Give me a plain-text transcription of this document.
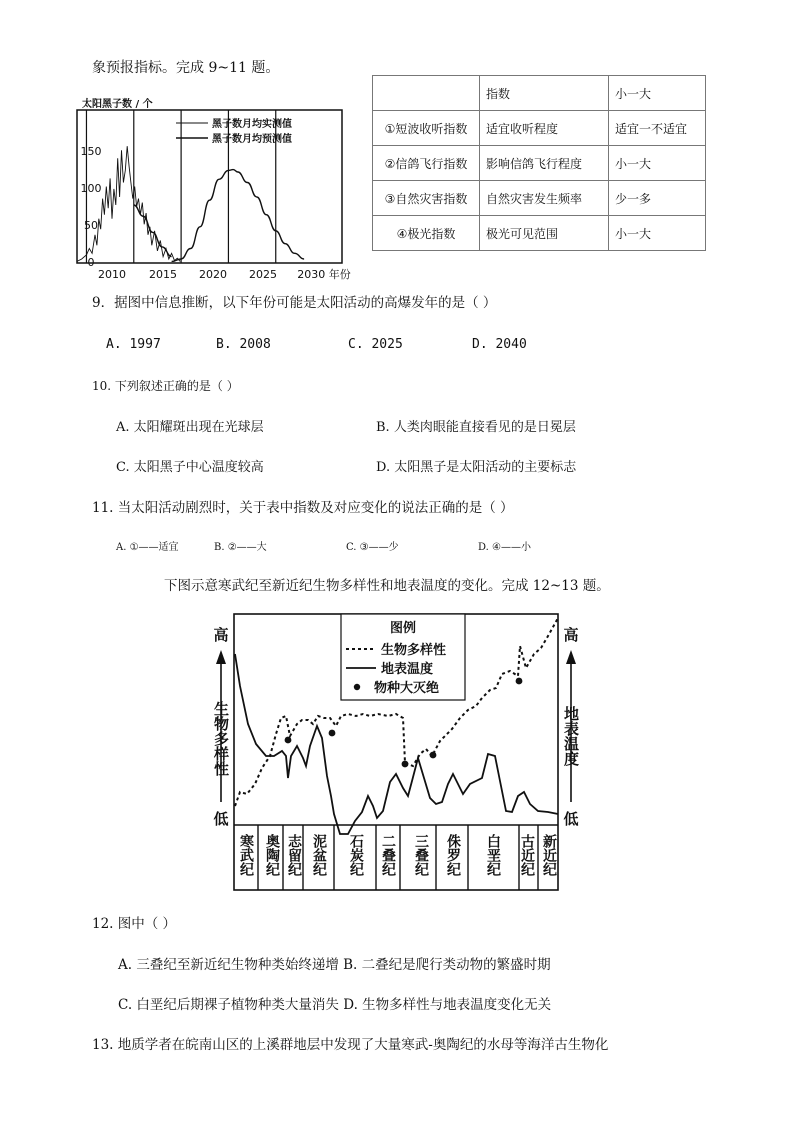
象预报指标。完成 9~11 题。
太阳黑子数 / 个
150
100
50
0
黑子数月均实测值
黑子数月均预测值
2010 2015 2020 2025 2030 年份
	指数	小一大
①短波收听指数	适宜收听程度	适宜一不适宜
②信鸽飞行指数	影响信鸽飞行程度	小一大
③自然灾害指数	自然灾害发生频率	少一多
④极光指数	极光可见范围	小一大
9．据图中信息推断，以下年份可能是太阳活动的高爆发年的是（ ）
A. 1997	B. 2008	C. 2025	D. 2040
10. 下列叙述正确的是（ ）
A. 太阳耀斑出现在光球层	B. 人类肉眼能直接看见的是日冕层
C. 太阳黑子中心温度较高	D. 太阳黑子是太阳活动的主要标志
11. 当太阳活动剧烈时，关于表中指数及对应变化的说法正确的是（ ）
A. ①——适宜	B. ②——大	C. ③——少	D. ④——小
下图示意寒武纪至新近纪生物多样性和地表温度的变化。完成 12~13 题。
高
生物多样性
低
高
地表温度
低
图例
生物多样性
地表温度
物种大灭绝
寒武纪 奥陶纪 志留纪 泥盆纪 石炭纪 二叠纪 三叠纪 侏罗纪 白垩纪 古近纪 新近纪
12. 图中（ ）
A. 三叠纪至新近纪生物种类始终递增 B. 二叠纪是爬行类动物的繁盛时期
C. 白垩纪后期裸子植物种类大量消失 D. 生物多样性与地表温度变化无关
13. 地质学者在皖南山区的上溪群地层中发现了大量寒武-奥陶纪的水母等海洋古生物化
